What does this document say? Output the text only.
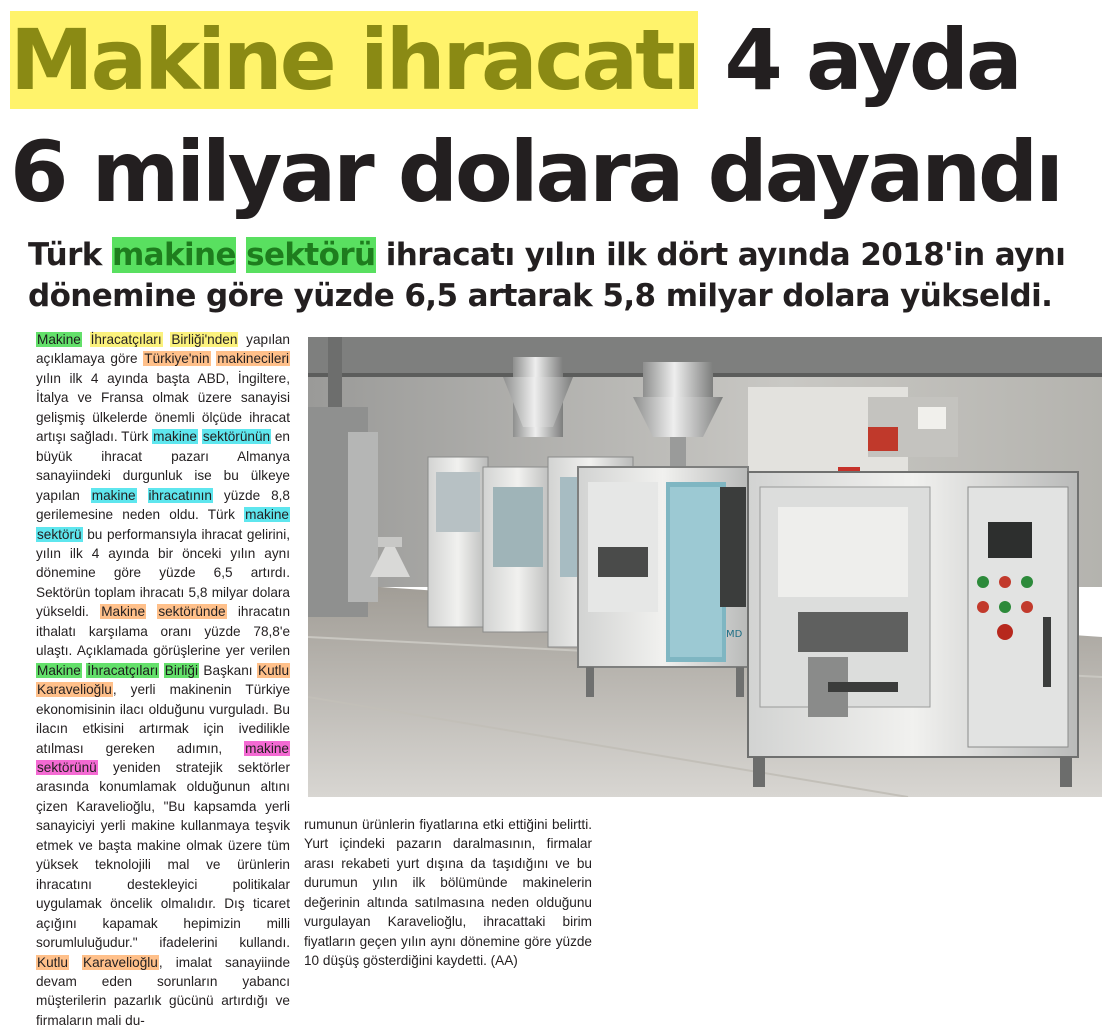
Makine ihracatı 4 ayda
6 milyar dolara dayandı
Türk makine sektörü ihracatı yılın ilk dört ayında 2018'in aynı
dönemine göre yüzde 6,5 artarak 5,8 milyar dolara yükseldi.

Makine İhracatçıları Birliği'nden yapılan açıklamaya göre Türkiye'nin makinecileri yılın ilk 4 ayında başta ABD, İngiltere, İtalya ve Fransa olmak üzere sanayisi gelişmiş ülkelerde önemli ölçüde ihracat artışı sağladı. Türk makine sektörünün en büyük ihracat pazarı Almanya sanayiindeki durgunluk ise bu ülkeye yapılan makine ihracatının yüzde 8,8 gerilemesine neden oldu. Türk makine sektörü bu performansıyla ihracat gelirini, yılın ilk 4 ayında bir önceki yılın aynı dönemine göre yüzde 6,5 artırdı. Sektörün toplam ihracatı 5,8 milyar dolara yükseldi. Makine sektöründe ihracatın ithalatı karşılama oranı yüzde 78,8'e ulaştı. Açıklamada görüşlerine yer verilen Makine İhracatçıları Birliği Başkanı Kutlu Karavelioğlu, yerli makinenin Türkiye ekonomisinin ilacı olduğunu vurguladı. Bu ilacın etkisini artırmak için ivedilikle atılması gereken adımın, makine sektörünü yeniden stratejik sektörler arasında konumlamak olduğunun altını çizen Karavelioğlu, "Bu kapsamda yerli sanayiciyi yerli makine kullanmaya teşvik etmek ve başta makine olmak üzere tüm yüksek teknolojili mal ve ürünlerin ihracatını destekleyici politikalar uygulamak öncelik olmalıdır. Dış ticaret açığını kapamak hepimizin milli sorumluluğudur." ifadelerini kullandı. Kutlu Karavelioğlu, imalat sanayiinde devam eden sorunların yabancı müşterilerin pazarlık gücünü artırdığı ve firmaların mali du-

rumunun ürünlerin fiyatlarına etki ettiğini belirtti. Yurt içindeki pazarın daralmasının, firmalar arası rekabeti yurt dışına da taşıdığını ve bu durumun yılın ilk bölümünde makinelerin değerinin altında satılmasına neden olduğunu vurgulayan Karavelioğlu, ihracattaki birim fiyatların geçen yılın aynı dönemine göre yüzde 10 düşüş gösterdiğini kaydetti. (AA)

MD
